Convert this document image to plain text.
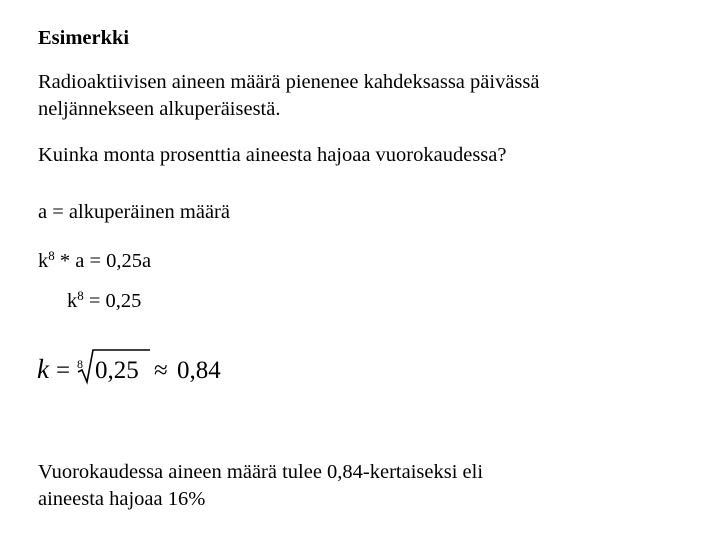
Esimerkki
Radioaktiivisen aineen määrä pienenee kahdeksassa päivässä
neljännekseen alkuperäisestä.
Kuinka monta prosenttia aineesta hajoaa vuorokaudessa?
a = alkuperäinen määrä
$k^8 * a = 0,25a$
$k^8 = 0,25$
k = 8 0,25 ≈ 0,84
Vuorokaudessa aineen määrä tulee 0,84-kertaiseksi eli
aineesta hajoaa 16%
